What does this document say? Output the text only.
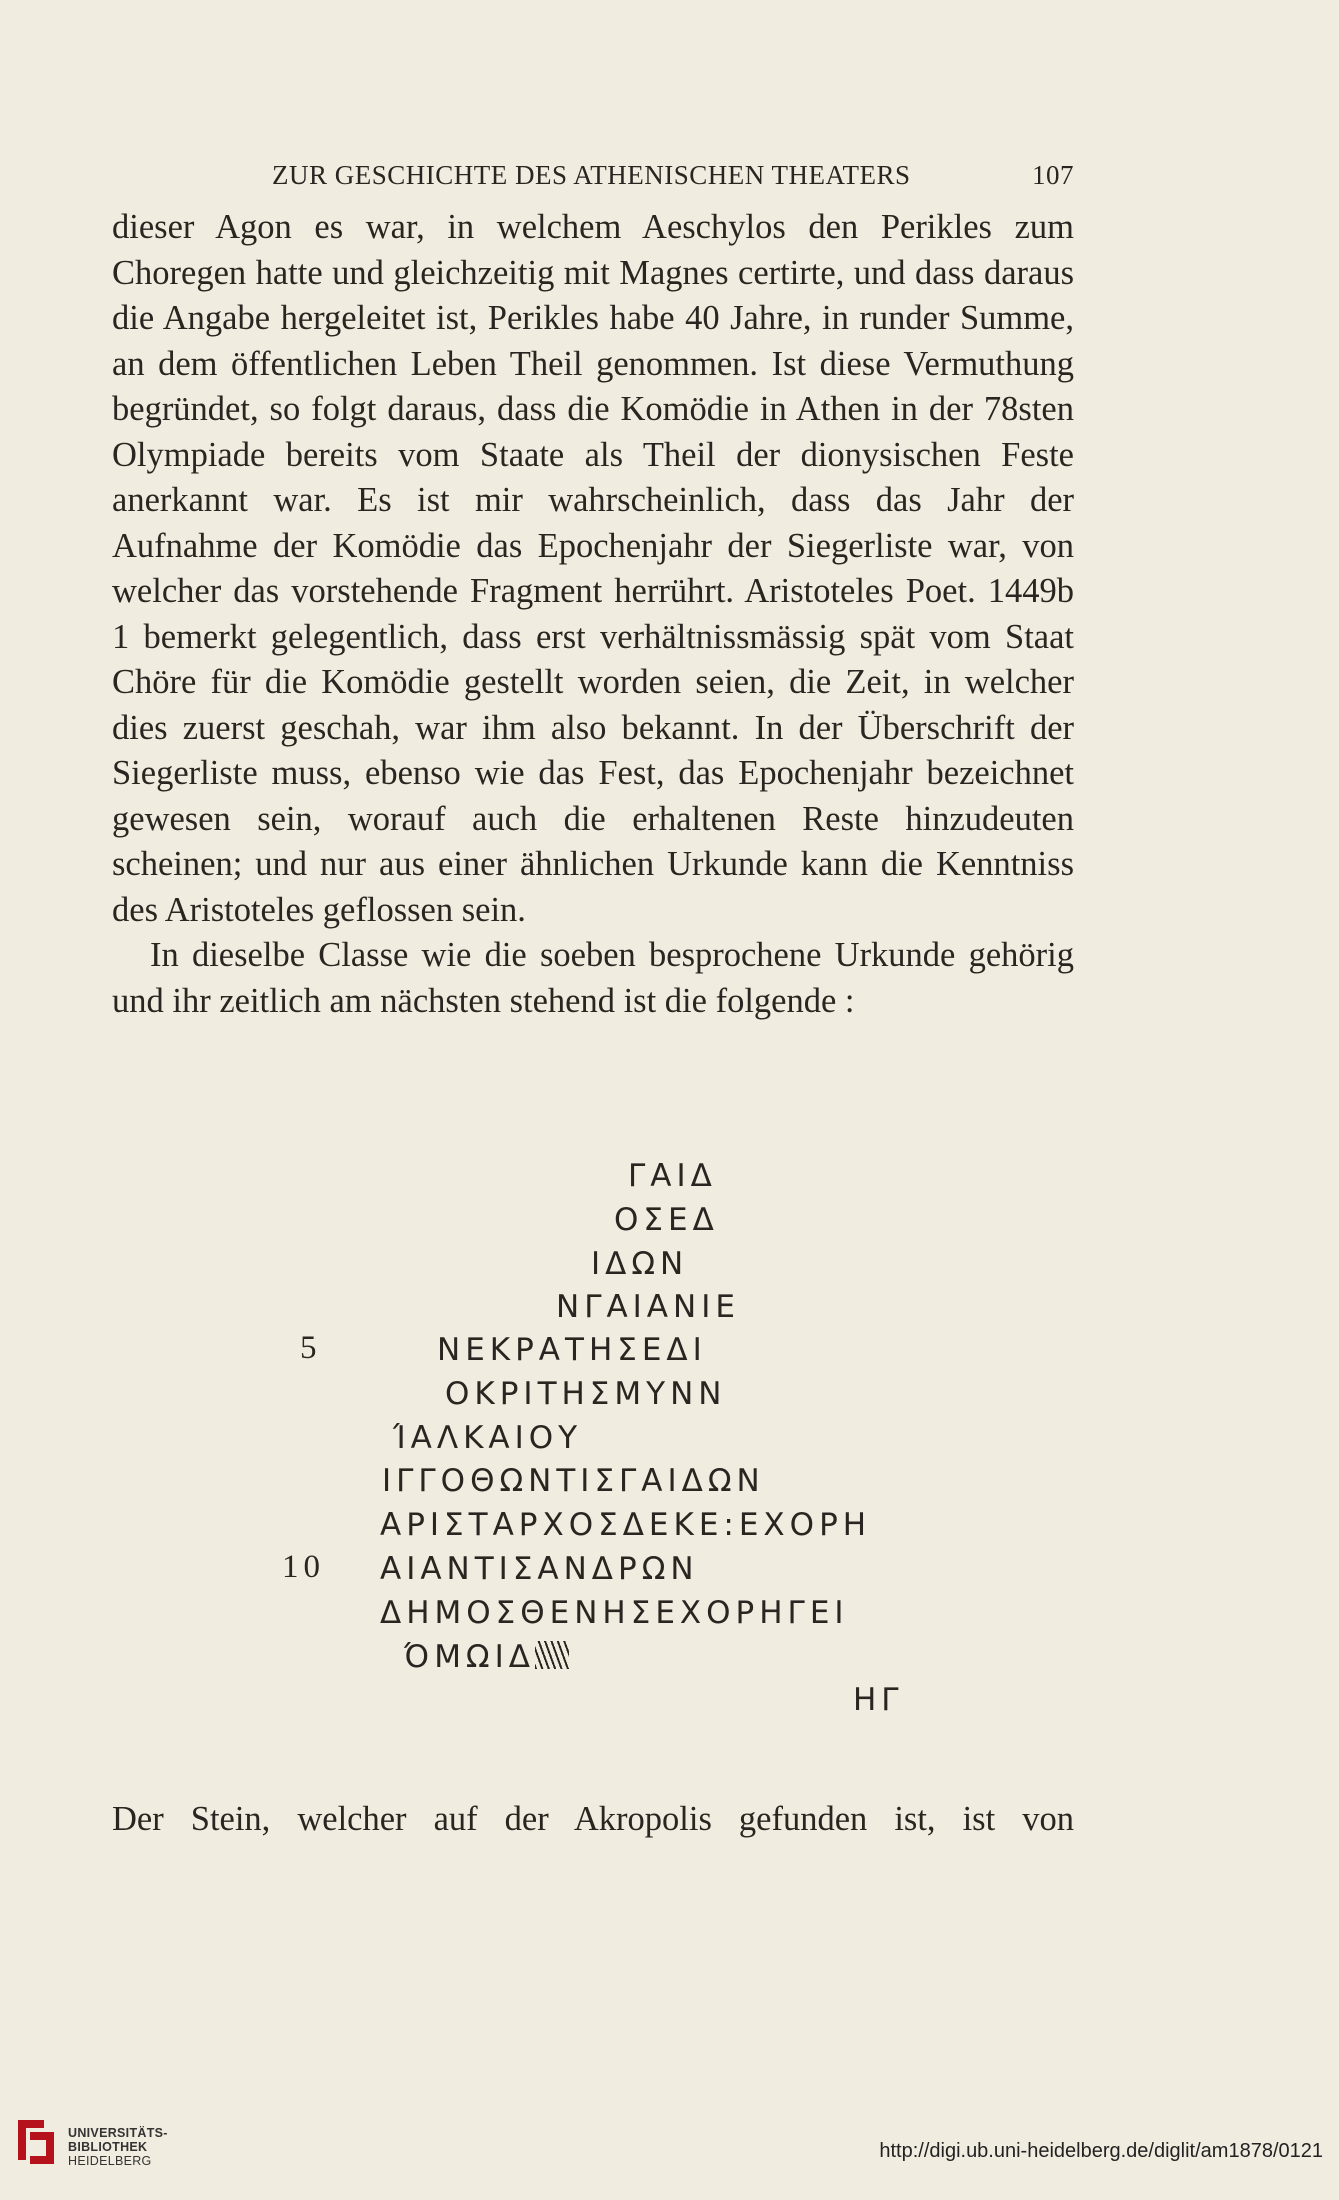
ZUR GESCHICHTE DES ATHENISCHEN THEATERS	107

dieser Agon es war, in welchem Aeschylos den Perikles zum Choregen hatte und gleichzeitig mit Magnes certirte, und dass daraus die Angabe hergeleitet ist, Perikles habe 40 Jahre, in runder Summe, an dem öffentlichen Leben Theil genommen. Ist diese Vermuthung begründet, so folgt daraus, dass die Komödie in Athen in der 78sten Olympiade bereits vom Staate als Theil der dionysischen Feste anerkannt war. Es ist mir wahrscheinlich, dass das Jahr der Aufnahme der Komödie das Epochenjahr der Siegerliste war, von welcher das vorstehende Fragment herrührt. Aristoteles Poet. 1449b 1 bemerkt gelegentlich, dass erst verhältnissmässig spät vom Staat Chöre für die Komödie gestellt worden seien, die Zeit, in welcher dies zuerst geschah, war ihm also bekannt. In der Überschrift der Siegerliste muss, ebenso wie das Fest, das Epochenjahr bezeichnet gewesen sein, worauf auch die erhaltenen Reste hinzudeuten scheinen; und nur aus einer ähnlichen Urkunde kann die Kenntniss des Aristoteles geflossen sein.

In dieselbe Classe wie die soeben besprochene Urkunde gehörig und ihr zeitlich am nächsten stehend ist die folgende :

ΓΑΙΔ
ΟΣΕΔ
ΙΔΩΝ
ΝΓΑΙΑΝΙΕ
5	ΝΕΚΡΑΤΗΣΕΔΙ
ΟΚΡΙΤΗΣΜΥΝΝ
ΊΑΛΚΑΙΟΥ
ΙΓΓΟΘΩΝΤΙΣΓΑΙΔΩΝ
ΑΡΙΣΤΑΡΧΟΣΔΕΚΕ:ΕΧΟΡΗ
10 ΑΙΑΝΤΙΣΑΝΔΡΩΝ
ΔΗΜΟΣΘΕΝΗΣΕΧΟΡΗΓΕΙ
ΌΜΩΙΔ
ΗΓ
Der Stein, welcher auf der Akropolis gefunden ist, ist von
UNIVERSITÄTS-
BIBLIOTHEK
HEIDELBERG	http://digi.ub.uni-heidelberg.de/diglit/am1878/0121
